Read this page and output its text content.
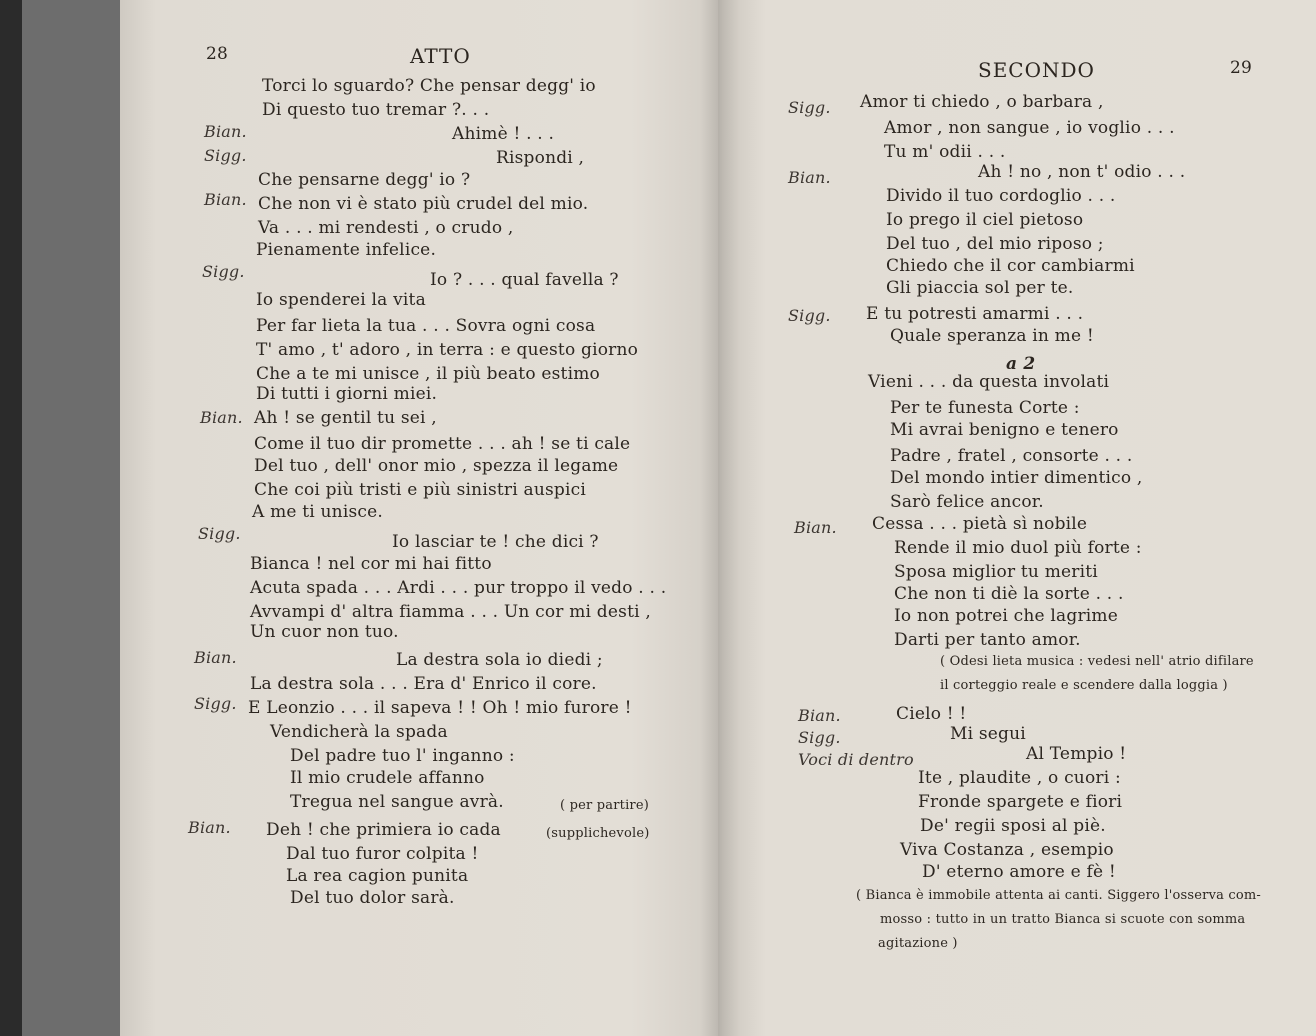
28	ATTO
Torci lo sguardo? Che pensar degg' io
Di questo tuo tremar ?. . .
Bian.	Ahimè ! . . .
Sigg.	Rispondi ,
Che pensarne degg' io ?
Bian. Che non vi è stato più crudel del mio.
Va . . . mi rendesti , o crudo ,
Pienamente infelice.
Sigg.	Io ? . . . qual favella ?
Io spenderei la vita
Per far lieta la tua . . . Sovra ogni cosa
T' amo , t' adoro , in terra : e questo giorno
Che a te mi unisce , il più beato estimo
Di tutti i giorni miei.
Bian. Ah ! se gentil tu sei ,
Come il tuo dir promette . . . ah ! se ti cale
Del tuo , dell' onor mio , spezza il legame
Che coi più tristi e più sinistri auspici
A me ti unisce.
Sigg.	Io lasciar te ! che dici ?
Bianca ! nel cor mi hai fitto
Acuta spada . . . Ardi . . . pur troppo il vedo . . .
Avvampi d' altra fiamma . . . Un cor mi desti ,
Un cuor non tuo.
Bian.	La destra sola io diedi ;
La destra sola . . . Era d' Enrico il core.
Sigg. E Leonzio . . . il sapeva ! ! Oh ! mio furore !
Vendicherà la spada
Del padre tuo l' inganno :
Il mio crudele affanno
Tregua nel sangue avrà.	( per partire)
Bian. Deh ! che primiera io cada	(supplichevole)
Dal tuo furor colpita !
La rea cagion punita
Del tuo dolor sarà.
SECONDO	29
Sigg. Amor ti chiedo , o barbara ,
Amor , non sangue , io voglio . . .
Tu m' odii . . .
Bian.	Ah ! no , non t' odio . . .
Divido il tuo cordoglio . . .
Io prego il ciel pietoso
Del tuo , del mio riposo ;
Chiedo che il cor cambiarmi
Gli piaccia sol per te.
Sigg. E tu potresti amarmi . . .
Quale speranza in me !
a 2
Vieni . . . da questa involati
Per te funesta Corte :
Mi avrai benigno e tenero
Padre , fratel , consorte . . .
Del mondo intier dimentico ,
Sarò felice ancor.
Bian. Cessa . . . pietà sì nobile
Rende il mio duol più forte :
Sposa miglior tu meriti
Che non ti diè la sorte . . .
Io non potrei che lagrime
Darti per tanto amor.
( Odesi lieta musica : vedesi nell' atrio difilare
il corteggio reale e scendere dalla loggia )
Bian.	Cielo ! !
Sigg.	Mi segui
Voci di dentro	Al Tempio !
Ite , plaudite , o cuori :
Fronde spargete e fiori
De' regii sposi al piè.
Viva Costanza , esempio
D' eterno amore e fè !
( Bianca è immobile attenta ai canti. Siggero l'osserva com-
mosso : tutto in un tratto Bianca si scuote con somma
agitazione )
